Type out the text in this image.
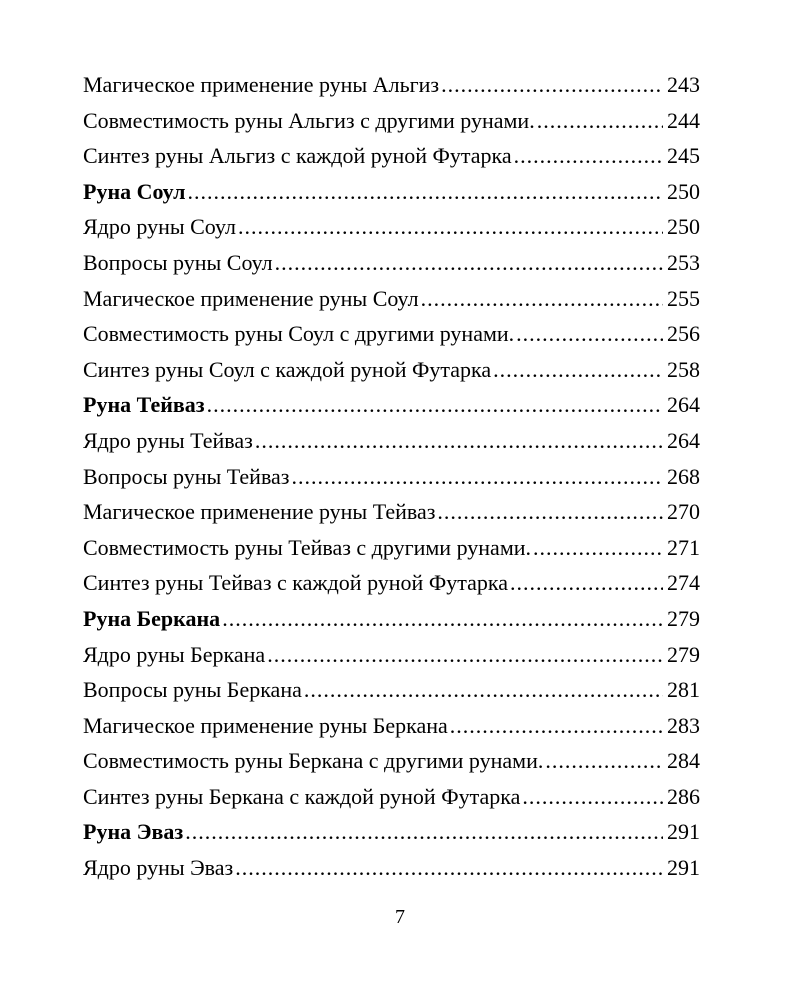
Магическое применение руны Альгиз .....	243
Совместимость руны Альгиз с другими рунами. .....	244
Синтез руны Альгиз с каждой руной Футарка .....	245
Руна Соул .....	250
Ядро руны Соул .....	250
Вопросы руны Соул .....	253
Магическое применение руны Соул .....	255
Совместимость руны Соул с другими рунами. .....	256
Синтез руны Соул с каждой руной Футарка .....	258
Руна Тейваз .....	264
Ядро руны Тейваз .....	264
Вопросы руны Тейваз .....	268
Магическое применение руны Тейваз .....	270
Совместимость руны Тейваз с другими рунами. .....	271
Синтез руны Тейваз с каждой руной Футарка .....	274
Руна Беркана .....	279
Ядро руны Беркана .....	279
Вопросы руны Беркана .....	281
Магическое применение руны Беркана .....	283
Совместимость руны Беркана с другими рунами. .....	284
Синтез руны Беркана с каждой руной Футарка .....	286
Руна Эваз .....	291
Ядро руны Эваз .....	291
7
